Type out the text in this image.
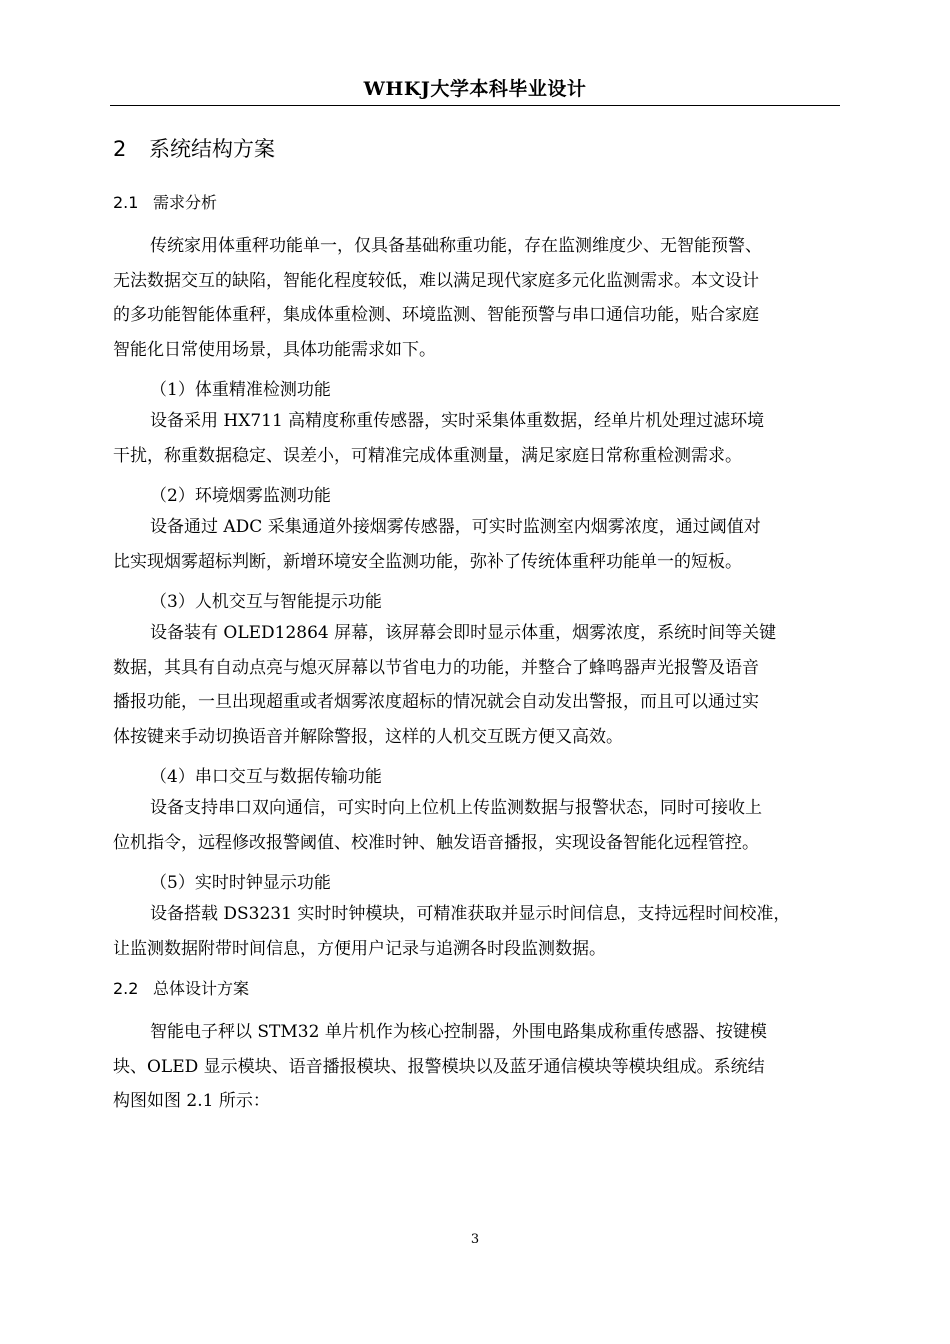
WHKJ大学本科毕业设计
2 系统结构方案
2.1 需求分析
传统家用体重秤功能单一，仅具备基础称重功能，存在监测维度少、无智能预警、
无法数据交互的缺陷，智能化程度较低，难以满足现代家庭多元化监测需求。本文设计
的多功能智能体重秤，集成体重检测、环境监测、智能预警与串口通信功能，贴合家庭
智能化日常使用场景，具体功能需求如下。
（1）体重精准检测功能
设备采用 HX711 高精度称重传感器，实时采集体重数据，经单片机处理过滤环境
干扰，称重数据稳定、误差小，可精准完成体重测量，满足家庭日常称重检测需求。
（2）环境烟雾监测功能
设备通过 ADC 采集通道外接烟雾传感器，可实时监测室内烟雾浓度，通过阈值对
比实现烟雾超标判断，新增环境安全监测功能，弥补了传统体重秤功能单一的短板。
（3）人机交互与智能提示功能
设备装有 OLED12864 屏幕，该屏幕会即时显示体重，烟雾浓度，系统时间等关键
数据，其具有自动点亮与熄灭屏幕以节省电力的功能，并整合了蜂鸣器声光报警及语音
播报功能，一旦出现超重或者烟雾浓度超标的情况就会自动发出警报，而且可以通过实
体按键来手动切换语音并解除警报，这样的人机交互既方便又高效。
（4）串口交互与数据传输功能
设备支持串口双向通信，可实时向上位机上传监测数据与报警状态，同时可接收上
位机指令，远程修改报警阈值、校准时钟、触发语音播报，实现设备智能化远程管控。
（5）实时时钟显示功能
设备搭载 DS3231 实时时钟模块，可精准获取并显示时间信息，支持远程时间校准，
让监测数据附带时间信息，方便用户记录与追溯各时段监测数据。
2.2 总体设计方案
智能电子秤以 STM32 单片机作为核心控制器，外围电路集成称重传感器、按键模
块、OLED 显示模块、语音播报模块、报警模块以及蓝牙通信模块等模块组成。系统结
构图如图 2.1 所示：
3
